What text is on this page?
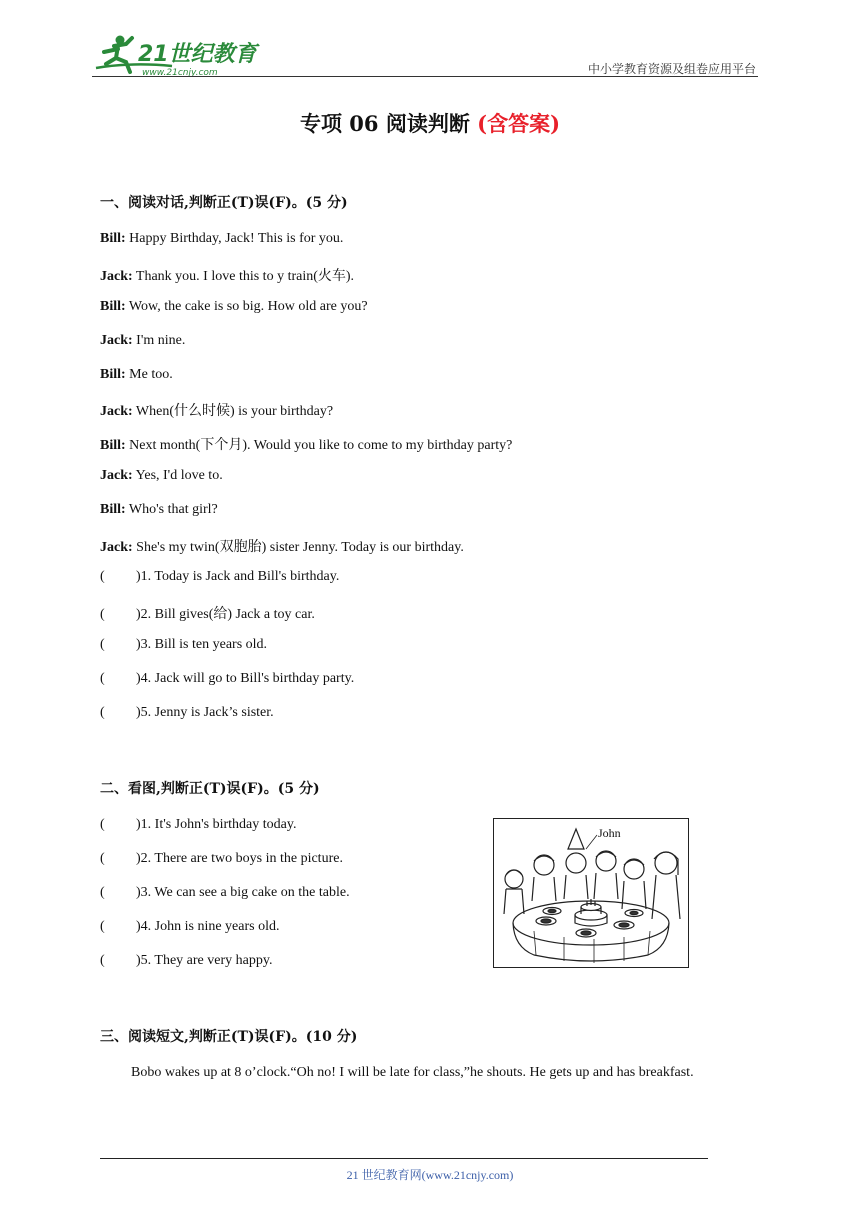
21世纪教育
www.21cnjy.com	中小学教育资源及组卷应用平台
专项 06 阅读判断 (含答案)
一、阅读对话,判断正(T)误(F)。(5 分)
Bill: Happy Birthday, Jack! This is for you.
Jack: Thank you. I love this to y train(火车).
Bill: Wow, the cake is so big. How old are you?
Jack: I'm nine.
Bill: Me too.
Jack: When(什么时候) is your birthday?
Bill: Next month(下个月). Would you like to come to my birthday party?
Jack: Yes, I'd love to.
Bill: Who's that girl?
Jack: She's my twin(双胞胎) sister Jenny. Today is our birthday.
( )1. Today is Jack and Bill's birthday.
( )2. Bill gives(给) Jack a toy car.
( )3. Bill is ten years old.
( )4. Jack will go to Bill's birthday party.
( )5. Jenny is Jack’s sister.
二、看图,判断正(T)误(F)。(5 分)
( )1. It's John's birthday today.
( )2. There are two boys in the picture.
( )3. We can see a big cake on the table.
( )4. John is nine years old.
( )5. They are very happy.
John
三、阅读短文,判断正(T)误(F)。(10 分)
Bobo wakes up at 8 o’clock.“Oh no! I will be late for class,”he shouts. He gets up and has breakfast.
21 世纪教育网(www.21cnjy.com)
